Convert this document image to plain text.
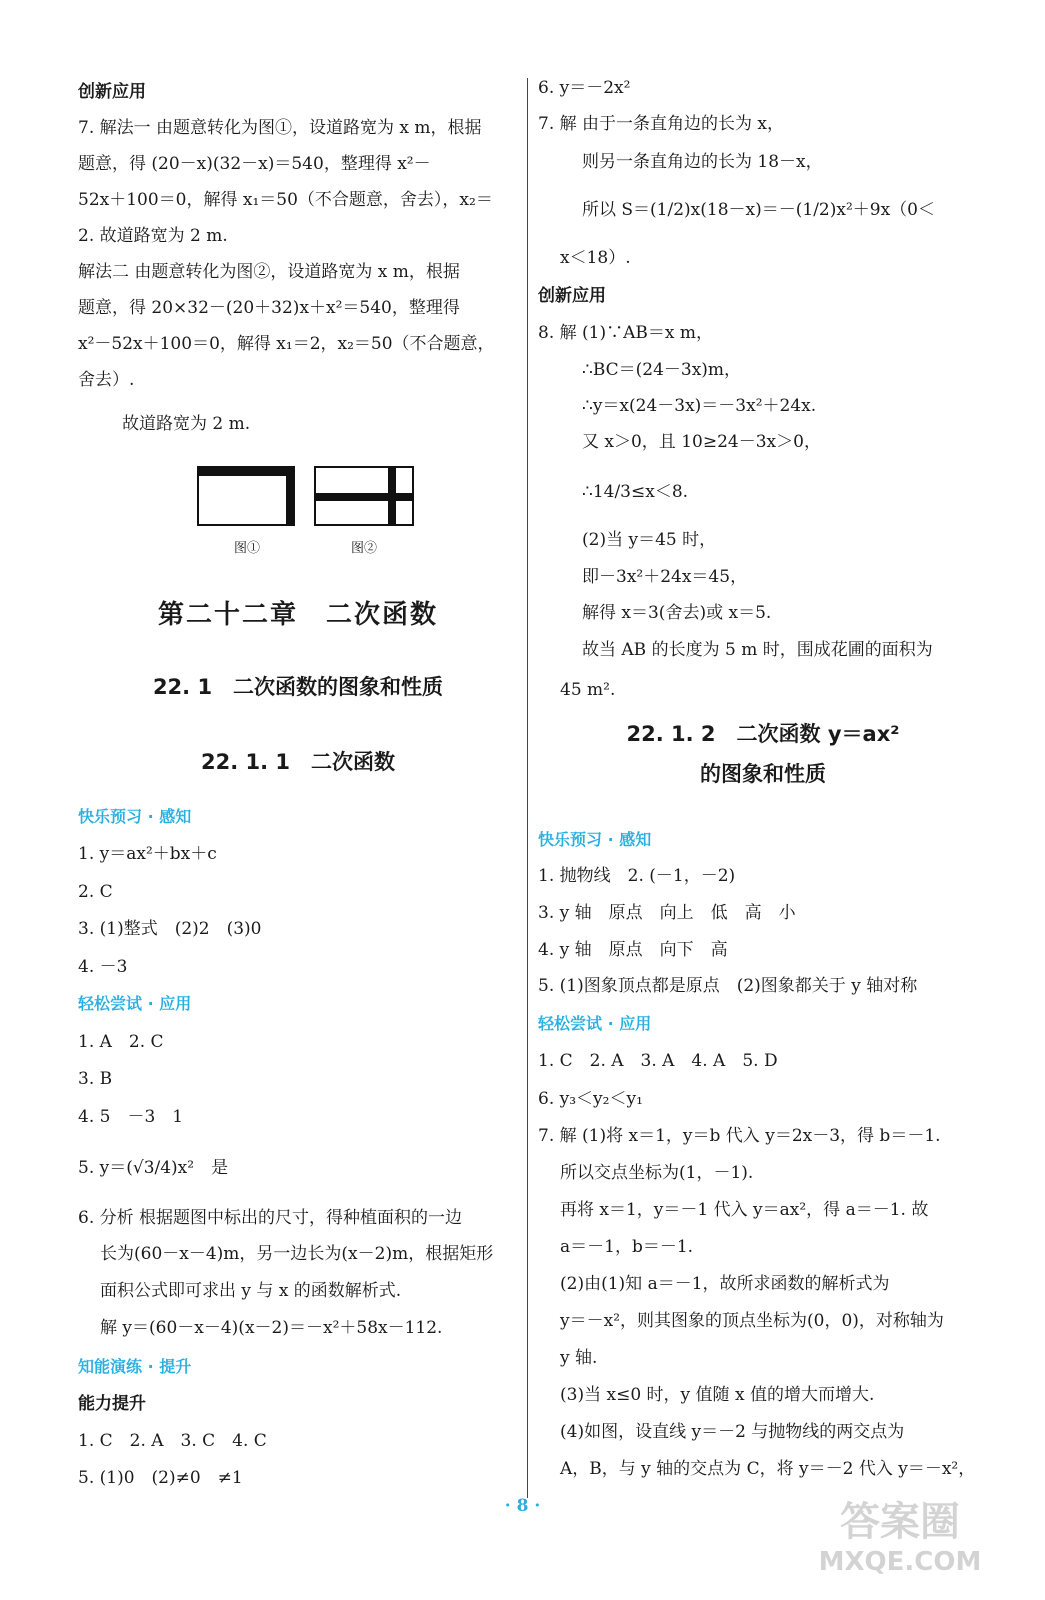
创新应用
7. 解法一 由题意转化为图①，设道路宽为 x m，根据
题意，得 (20－x)(32－x)＝540，整理得 x²－
52x＋100＝0，解得 x₁＝50（不合题意，舍去），x₂＝
2. 故道路宽为 2 m.
解法二 由题意转化为图②，设道路宽为 x m，根据
题意，得 20×32－(20＋32)x＋x²＝540，整理得
x²－52x＋100＝0，解得 x₁＝2，x₂＝50（不合题意，
舍去）.
故道路宽为 2 m.
图①	图②
第二十二章　二次函数
22. 1　二次函数的图象和性质
22. 1. 1　二次函数
快乐预习 · 感知
1. y＝ax²＋bx＋c
2. C
3. (1)整式　(2)2　(3)0
4. －3
轻松尝试 · 应用
1. A　2. C
3. B
4. 5　－3　1
5. y＝(√3/4)x²　是
6. 分析 根据题图中标出的尺寸，得种植面积的一边
长为(60－x－4)m，另一边长为(x－2)m，根据矩形
面积公式即可求出 y 与 x 的函数解析式.
解 y＝(60－x－4)(x－2)＝－x²＋58x－112.
知能演练 · 提升
能力提升
1. C　2. A　3. C　4. C
5. (1)0　(2)≠0　≠1
6. y＝－2x²
7. 解 由于一条直角边的长为 x，
则另一条直角边的长为 18－x，
所以 S＝(1/2)x(18－x)＝－(1/2)x²＋9x（0＜
x＜18）.
创新应用
8. 解 (1)∵AB＝x m，
∴BC＝(24－3x)m，
∴y＝x(24－3x)＝－3x²＋24x.
又 x＞0，且 10≥24－3x＞0，
∴14/3≤x＜8.
(2)当 y＝45 时，
即－3x²＋24x＝45，
解得 x＝3(舍去)或 x＝5.
故当 AB 的长度为 5 m 时，围成花圃的面积为
45 m².
22. 1. 2　二次函数 y＝ax²
的图象和性质
快乐预习 · 感知
1. 抛物线　2. (－1，－2)
3. y 轴　原点　向上　低　高　小
4. y 轴　原点　向下　高
5. (1)图象顶点都是原点　(2)图象都关于 y 轴对称
轻松尝试 · 应用
1. C　2. A　3. A　4. A　5. D
6. y₃＜y₂＜y₁
7. 解 (1)将 x＝1，y＝b 代入 y＝2x－3，得 b＝－1.
所以交点坐标为(1，－1).
再将 x＝1，y＝－1 代入 y＝ax²，得 a＝－1. 故
a＝－1，b＝－1.
(2)由(1)知 a＝－1，故所求函数的解析式为
y＝－x²，则其图象的顶点坐标为(0，0)，对称轴为
y 轴.
(3)当 x≤0 时，y 值随 x 值的增大而增大.
(4)如图，设直线 y＝－2 与抛物线的两交点为
A，B，与 y 轴的交点为 C，将 y＝－2 代入 y＝－x²，
· 8 ·	答案圈
MXQE.COM
